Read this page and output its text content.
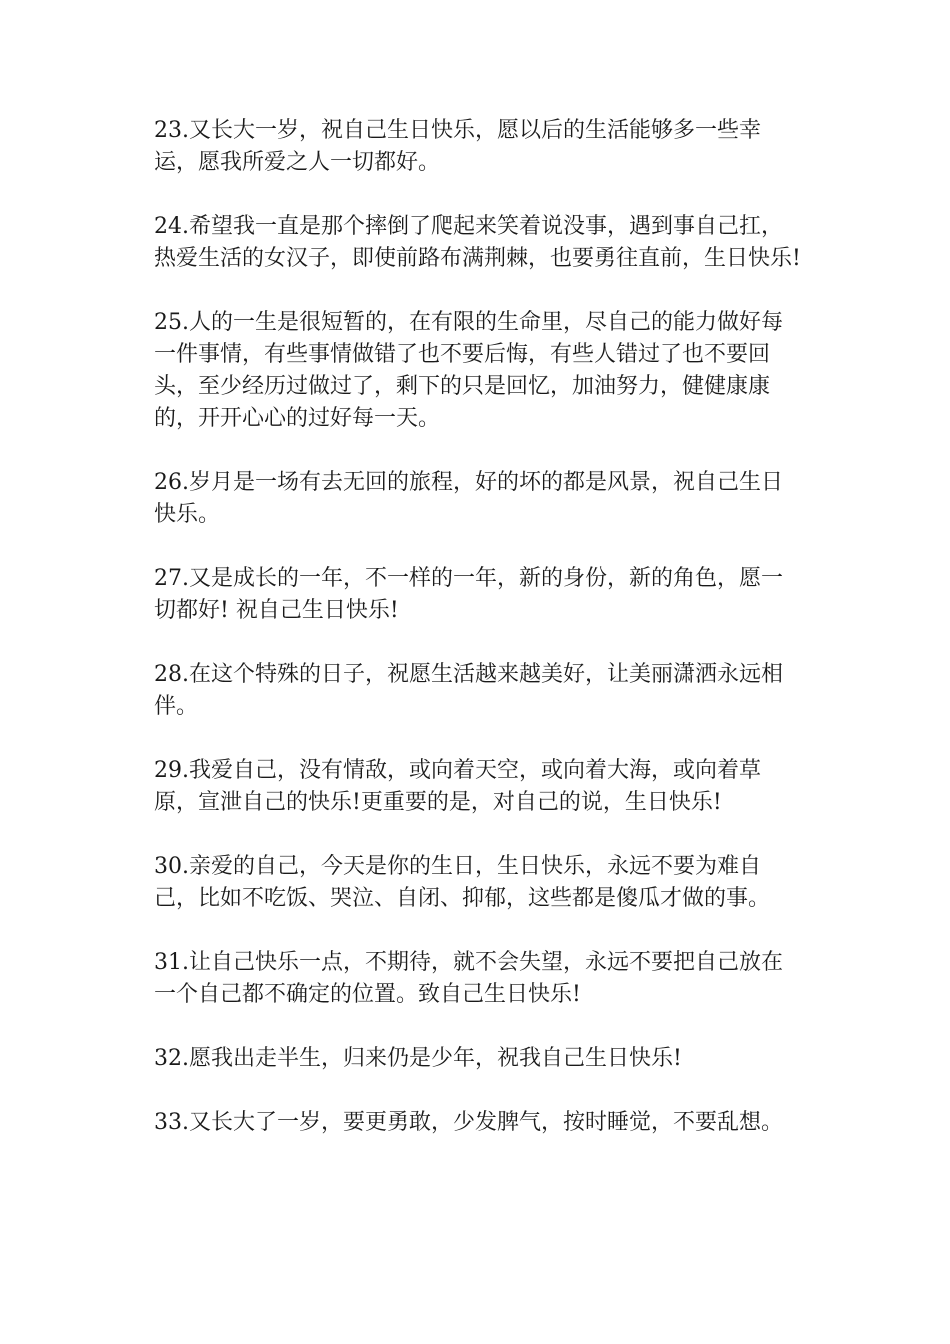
23.又长大一岁，祝自己生日快乐，愿以后的生活能够多一些幸运，愿我所爱之人一切都好。

24.希望我一直是那个摔倒了爬起来笑着说没事，遇到事自己扛，热爱生活的女汉子，即使前路布满荆棘，也要勇往直前，生日快乐!

25.人的一生是很短暂的，在有限的生命里，尽自己的能力做好每一件事情，有些事情做错了也不要后悔，有些人错过了也不要回头，至少经历过做过了，剩下的只是回忆，加油努力，健健康康的，开开心心的过好每一天。

26.岁月是一场有去无回的旅程，好的坏的都是风景，祝自己生日快乐。

27.又是成长的一年，不一样的一年，新的身份，新的角色，愿一切都好! 祝自己生日快乐!

28.在这个特殊的日子，祝愿生活越来越美好，让美丽潇洒永远相伴。

29.我爱自己，没有情敌，或向着天空，或向着大海，或向着草原，宣泄自己的快乐!更重要的是，对自己的说，生日快乐!

30.亲爱的自己，今天是你的生日，生日快乐，永远不要为难自己，比如不吃饭、哭泣、自闭、抑郁，这些都是傻瓜才做的事。

31.让自己快乐一点，不期待，就不会失望，永远不要把自己放在一个自己都不确定的位置。致自己生日快乐!

32.愿我出走半生，归来仍是少年，祝我自己生日快乐!

33.又长大了一岁，要更勇敢，少发脾气，按时睡觉，不要乱想。
